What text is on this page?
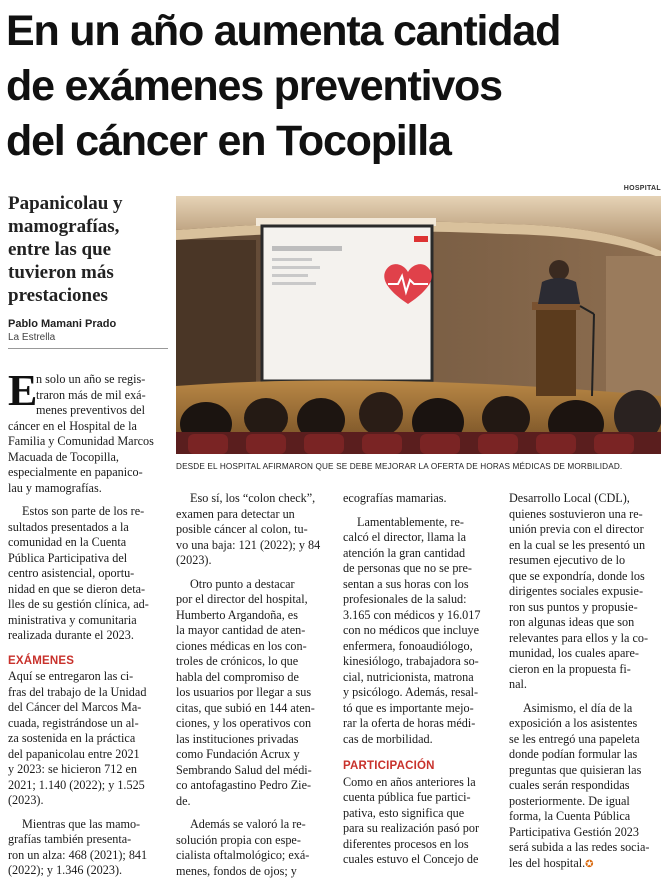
En un año aumenta cantidad
de exámenes preventivos
del cáncer en Tocopilla
Papanicolau y
mamografías,
entre las que
tuvieron más
prestaciones
Pablo Mamani Prado
La Estrella
HOSPITAL
DESDE EL HOSPITAL AFIRMARON QUE SE DEBE MEJORAR LA OFERTA DE HORAS MÉDICAS DE MORBILIDAD.
E

n solo un año se regis-
traron más de mil exá-
menes preventivos del
cáncer en el Hospital de la
Familia y Comunidad Marcos
Macuada de Tocopilla,
especialmente en papanico-
lau y mamografías.

Estos son parte de los re-
sultados presentados a la
comunidad en la Cuenta
Pública Participativa del
centro asistencial, oportu-
nidad en que se dieron deta-
lles de su gestión clínica, ad-
ministrativa y comunitaria
realizada durante el 2023.

EXÁMENES

Aquí se entregaron las ci-
fras del trabajo de la Unidad
del Cáncer del Marcos Ma-
cuada, registrándose un al-
za sostenida en la práctica
del papanicolau entre 2021
y 2023: se hicieron 712 en
2021; 1.140 (2022); y 1.525
(2023).

Mientras que las mamo-
grafías también presenta-
ron un alza: 468 (2021); 841
(2022); y 1.346 (2023).

Eso sí, los “colon check”,
examen para detectar un
posible cáncer al colon, tu-
vo una baja: 121 (2022); y 84
(2023).

Otro punto a destacar
por el director del hospital,
Humberto Argandoña, es
la mayor cantidad de aten-
ciones médicas en los con-
troles de crónicos, lo que
habla del compromiso de
los usuarios por llegar a sus
citas, que subió en 144 aten-
ciones, y los operativos con
las instituciones privadas
como Fundación Acrux y
Sembrando Salud del médi-
co antofagastino Pedro Zie-
de.

Además se valoró la re-
solución propia con espe-
cialista oftalmológico; exá-
menes, fondos de ojos; y

ecografías mamarias.

Lamentablemente, re-
calcó el director, llama la
atención la gran cantidad
de personas que no se pre-
sentan a sus horas con los
profesionales de la salud:
3.165 con médicos y 16.017
con no médicos que incluye
enfermera, fonoaudiólogo,
kinesiólogo, trabajadora so-
cial, nutricionista, matrona
y psicólogo. Además, resal-
tó que es importante mejo-
rar la oferta de horas médi-
cas de morbilidad.

PARTICIPACIÓN

Como en años anteriores la
cuenta pública fue partici-
pativa, esto significa que
para su realización pasó por
diferentes procesos en los
cuales estuvo el Concejo de

Desarrollo Local (CDL),
quienes sostuvieron una re-
unión previa con el director
en la cual se les presentó un
resumen ejecutivo de lo
que se expondría, donde los
dirigentes sociales expusie-
ron sus puntos y propusie-
ron algunas ideas que son
relevantes para ellos y la co-
munidad, los cuales apare-
cieron en la propuesta fi-
nal.

Asimismo, el día de la
exposición a los asistentes
se les entregó una papeleta
donde podían formular las
preguntas que quisieran las
cuales serán respondidas
posteriormente. De igual
forma, la Cuenta Pública
Participativa Gestión 2023
será subida a las redes socia-
les del hospital.✪
